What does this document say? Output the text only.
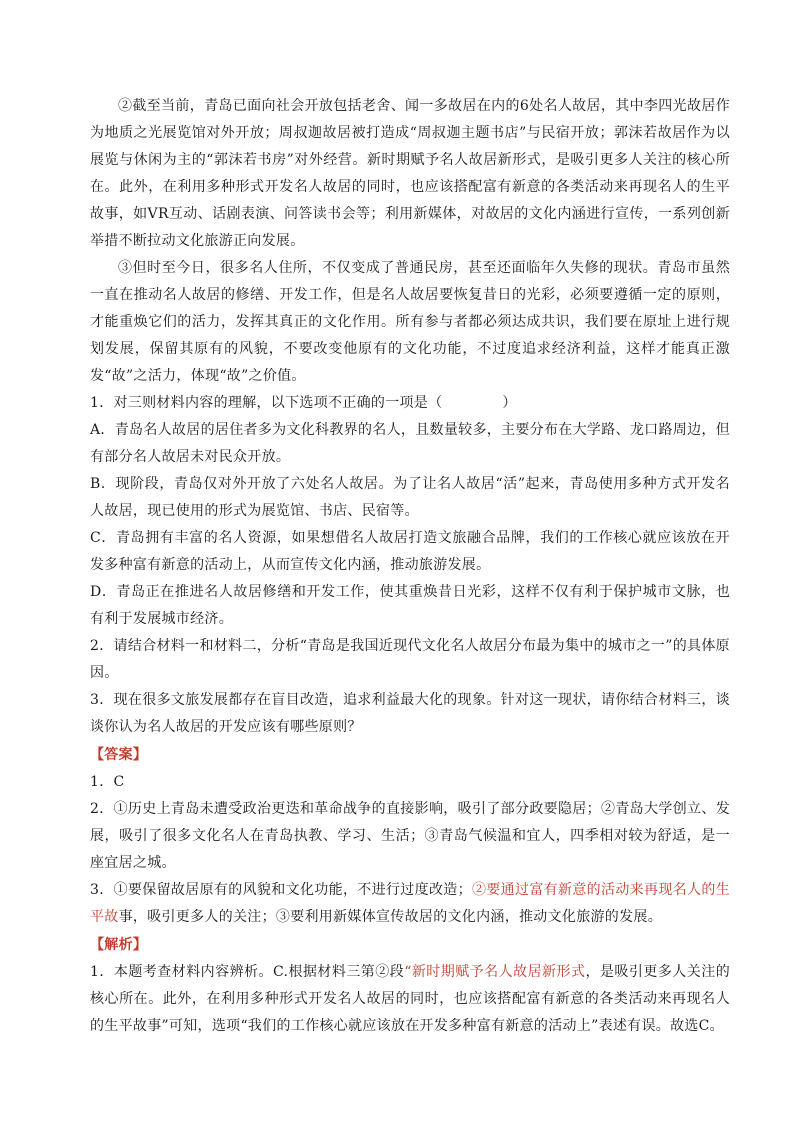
②截至当前，青岛已面向社会开放包括老舍、闻一多故居在内的6处名人故居，其中李四光故居作为地质之光展览馆对外开放；周叔迦故居被打造成“周叔迦主题书店”与民宿开放；郭沫若故居作为以展览与休闲为主的“郭沫若书房”对外经营。新时期赋予名人故居新形式，是吸引更多人关注的核心所在。此外，在利用多种形式开发名人故居的同时，也应该搭配富有新意的各类活动来再现名人的生平故事，如VR互动、话剧表演、问答读书会等；利用新媒体，对故居的文化内涵进行宣传，一系列创新举措不断拉动文化旅游正向发展。

③但时至今日，很多名人住所，不仅变成了普通民房，甚至还面临年久失修的现状。青岛市虽然一直在推动名人故居的修缮、开发工作，但是名人故居要恢复昔日的光彩，必须要遵循一定的原则，才能重焕它们的活力，发挥其真正的文化作用。所有参与者都必须达成共识，我们要在原址上进行规划发展，保留其原有的风貌，不要改变他原有的文化功能，不过度追求经济利益，这样才能真正激发“故”之活力，体现“故”之价值。

1．对三则材料内容的理解，以下选项不正确的一项是（	）

A．青岛名人故居的居住者多为文化科教界的名人，且数量较多，主要分布在大学路、龙口路周边，但有部分名人故居未对民众开放。

B．现阶段，青岛仅对外开放了六处名人故居。为了让名人故居“活”起来，青岛使用多种方式开发名人故居，现已使用的形式为展览馆、书店、民宿等。

C．青岛拥有丰富的名人资源，如果想借名人故居打造文旅融合品牌，我们的工作核心就应该放在开发多种富有新意的活动上，从而宣传文化内涵，推动旅游发展。

D．青岛正在推进名人故居修缮和开发工作，使其重焕昔日光彩，这样不仅有利于保护城市文脉，也有利于发展城市经济。

2．请结合材料一和材料二，分析“青岛是我国近现代文化名人故居分布最为集中的城市之一”的具体原因。

3．现在很多文旅发展都存在盲目改造，追求利益最大化的现象。针对这一现状，请你结合材料三，谈谈你认为名人故居的开发应该有哪些原则？

【答案】

1．C

2．①历史上青岛未遭受政治更迭和革命战争的直接影响，吸引了部分政要隐居；②青岛大学创立、发展，吸引了很多文化名人在青岛执教、学习、生活；③青岛气候温和宜人，四季相对较为舒适，是一座宜居之城。

3．①要保留故居原有的风貌和文化功能，不进行过度改造；②要通过富有新意的活动来再现名人的生平故事，吸引更多人的关注；③要利用新媒体宣传故居的文化内涵，推动文化旅游的发展。

【解析】

1．本题考查材料内容辨析。C.根据材料三第②段“新时期赋予名人故居新形式，是吸引更多人关注的核心所在。此外，在利用多种形式开发名人故居的同时，也应该搭配富有新意的各类活动来再现名人的生平故事”可知，选项“我们的工作核心就应该放在开发多种富有新意的活动上”表述有误。故选C。
